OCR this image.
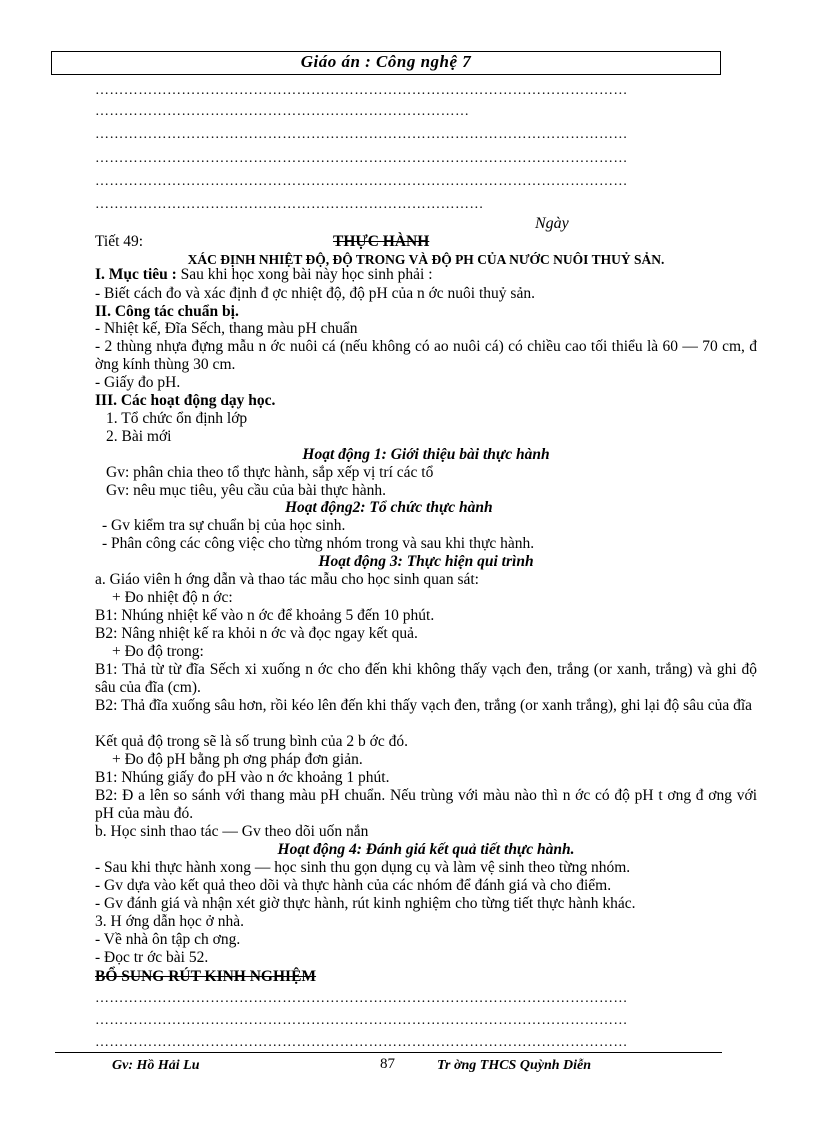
Giáo án : Công nghệ 7
…………………………………………………………………………………………………
……………………………………………………………………
…………………………………………………………………………………………………
…………………………………………………………………………………………………
…………………………………………………………………………………………………
………………………………………………………………………
Ngày
Tiết 49:	THỰC HÀNH
XÁC ĐỊNH NHIỆT ĐỘ, ĐỘ TRONG VÀ ĐỘ PH CỦA NƯỚC NUÔI THUỶ SẢN.
I. Mục tiêu : Sau khi học xong bài này học sinh phải :
- Biết cách đo và xác định đ ợc nhiệt độ, độ pH của n ớc nuôi thuỷ sản.
II. Công tác chuẩn bị.
- Nhiệt kế, Đĩa Sếch, thang màu pH chuẩn
- 2 thùng nhựa đựng mẫu n ớc nuôi cá (nếu không có ao nuôi cá) có chiều cao tối thiểu là 60 — 70 cm, đ ờng kính thùng 30 cm.
- Giấy đo pH.
III. Các hoạt động dạy học.
1. Tổ chức ổn định lớp
2. Bài mới
Hoạt động 1: Giới thiệu bài thực hành
Gv: phân chia theo tổ thực hành, sắp xếp vị trí các tổ
Gv: nêu mục tiêu, yêu cầu của bài thực hành.
Hoạt động2: Tổ chức thực hành
- Gv kiểm tra sự chuẩn bị của học sinh.
- Phân công các công việc cho từng nhóm trong và sau khi thực hành.
Hoạt động 3: Thực hiện qui trình
a. Giáo viên h ớng dẫn và thao tác mẫu cho học sinh quan sát:
+ Đo nhiệt độ n ớc:
B1: Nhúng nhiệt kế vào n ớc để khoảng 5 đến 10 phút.
B2: Nâng nhiệt kế ra khỏi n ớc và đọc ngay kết quả.
+ Đo độ trong:
B1: Thả từ từ đĩa Sếch xi xuống n ớc cho đến khi không thấy vạch đen, trắng (or xanh, trắng) và ghi độ sâu của đĩa (cm).
B2: Thả đĩa xuống sâu hơn, rồi kéo lên đến khi thấy vạch đen, trắng (or xanh trắng), ghi lại độ sâu của đĩa
Kết quả độ trong sẽ là số trung bình của 2 b ớc đó.
+ Đo độ pH bằng ph ơng pháp đơn giản.
B1: Nhúng giấy đo pH vào n ớc khoảng 1 phút.
B2: Đ a lên so sánh với thang màu pH chuẩn. Nếu trùng với màu nào thì n ớc có độ pH t ơng đ ơng với pH của màu đó.
b. Học sinh thao tác — Gv theo dõi uốn nắn
Hoạt động 4: Đánh giá kết quả tiết thực hành.
- Sau khi thực hành xong — học sinh thu gọn dụng cụ và làm vệ sinh theo từng nhóm.
- Gv dựa vào kết quả theo dõi và thực hành của các nhóm để đánh giá và cho điểm.
- Gv đánh giá và nhận xét giờ thực hành, rút kinh nghiệm cho từng tiết thực hành khác.
3. H ớng dẫn học ở nhà.
- Về nhà ôn tập ch ơng.
- Đọc tr ớc bài 52.
BỔ SUNG RÚT KINH NGHIỆM
…………………………………………………………………………………………………
…………………………………………………………………………………………………
…………………………………………………………………………………………………
Gv: Hồ Hải Lu	87	Tr ờng THCS Quỳnh Diễn
